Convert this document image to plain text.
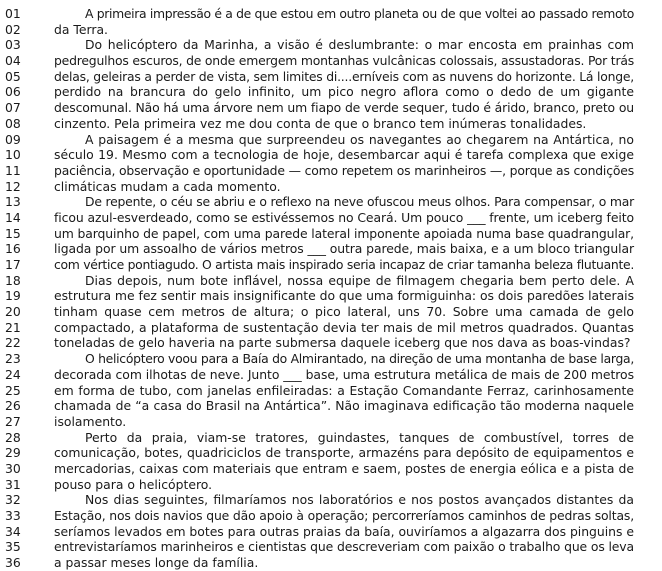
01	A primeira impressão é a de que estou em outro planeta ou de que voltei ao passado remoto
02	da Terra.
03	Do helicóptero da Marinha, a visão é deslumbrante: o mar encosta em prainhas com
04	pedregulhos escuros, de onde emergem montanhas vulcânicas colossais, assustadoras. Por trás
05	delas, geleiras a perder de vista, sem limites di....erníveis com as nuvens do horizonte. Lá longe,
06	perdido na brancura do gelo infinito, um pico negro aflora como o dedo de um gigante
07	descomunal. Não há uma árvore nem um fiapo de verde sequer, tudo é árido, branco, preto ou
08	cinzento. Pela primeira vez me dou conta de que o branco tem inúmeras tonalidades.
09	A paisagem é a mesma que surpreendeu os navegantes ao chegarem na Antártica, no
10	século 19. Mesmo com a tecnologia de hoje, desembarcar aqui é tarefa complexa que exige
11	paciência, observação e oportunidade — como repetem os marinheiros —, porque as condições
12	climáticas mudam a cada momento.
13	De repente, o céu se abriu e o reflexo na neve ofuscou meus olhos. Para compensar, o mar
14	ficou azul-esverdeado, como se estivéssemos no Ceará. Um pouco ___ frente, um iceberg feito
15	um barquinho de papel, com uma parede lateral imponente apoiada numa base quadrangular,
16	ligada por um assoalho de vários metros ___ outra parede, mais baixa, e a um bloco triangular
17	com vértice pontiagudo. O artista mais inspirado seria incapaz de criar tamanha beleza flutuante.
18	Dias depois, num bote inflável, nossa equipe de filmagem chegaria bem perto dele. A
19	estrutura me fez sentir mais insignificante do que uma formiguinha: os dois paredões laterais
20	tinham quase cem metros de altura; o pico lateral, uns 70. Sobre uma camada de gelo
21	compactado, a plataforma de sustentação devia ter mais de mil metros quadrados. Quantas
22	toneladas de gelo haveria na parte submersa daquele iceberg que nos dava as boas-vindas?
23	O helicóptero voou para a Baía do Almirantado, na direção de uma montanha de base larga,
24	decorada com ilhotas de neve. Junto ___ base, uma estrutura metálica de mais de 200 metros
25	em forma de tubo, com janelas enfileiradas: a Estação Comandante Ferraz, carinhosamente
26	chamada de “a casa do Brasil na Antártica”. Não imaginava edificação tão moderna naquele
27	isolamento.
28	Perto da praia, viam-se tratores, guindastes, tanques de combustível, torres de
29	comunicação, botes, quadriciclos de transporte, armazéns para depósito de equipamentos e
30	mercadorias, caixas com materiais que entram e saem, postes de energia eólica e a pista de
31	pouso para o helicóptero.
32	Nos dias seguintes, filmaríamos nos laboratórios e nos postos avançados distantes da
33	Estação, nos dois navios que dão apoio à operação; percorreríamos caminhos de pedras soltas,
34	seríamos levados em botes para outras praias da baía, ouviríamos a algazarra dos pinguins e
35	entrevistaríamos marinheiros e cientistas que descreveriam com paixão o trabalho que os leva
36	a passar meses longe da família.
